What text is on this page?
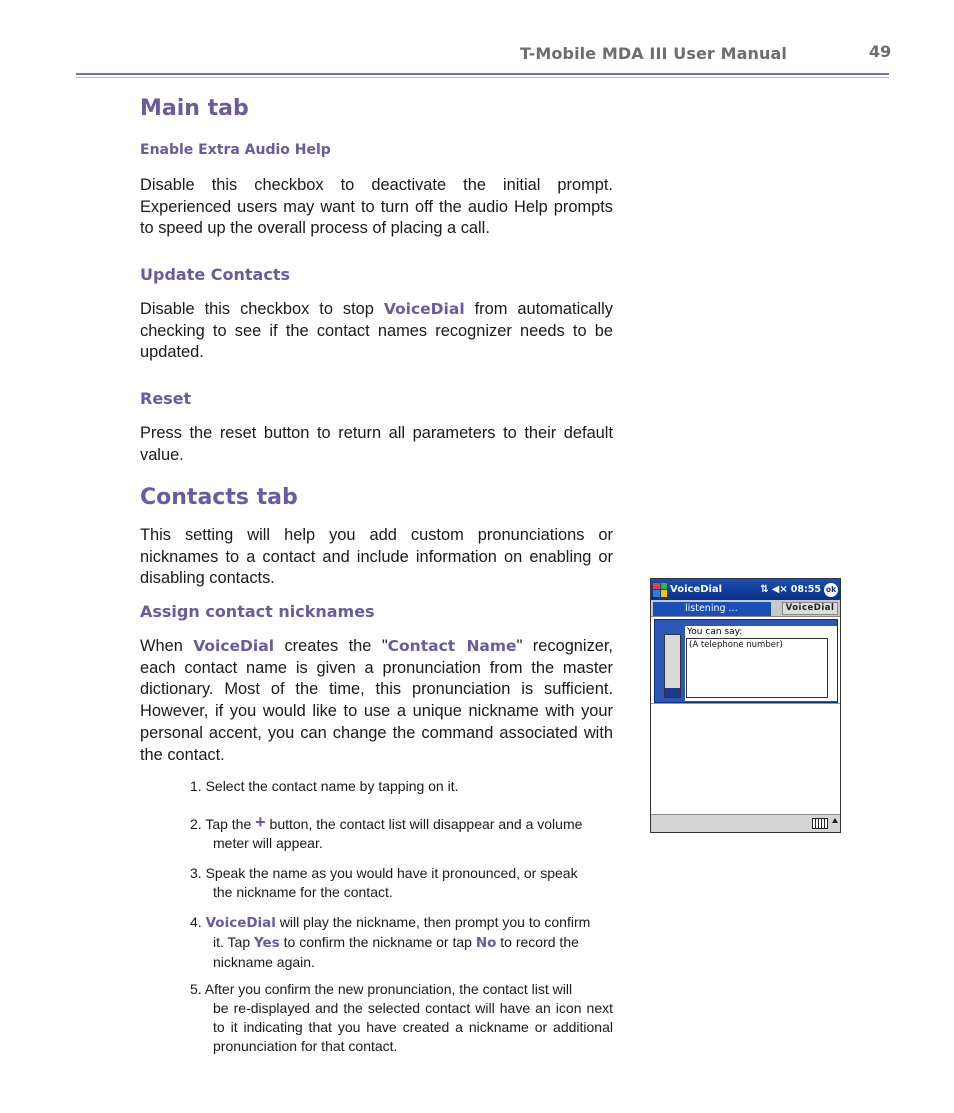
T-Mobile MDA III User Manual	49
Main tab
Enable Extra Audio Help
Disable this checkbox to deactivate the initial prompt. Experienced users may want to turn off the audio Help prompts to speed up the overall process of placing a call.
Update Contacts
Disable this checkbox to stop VoiceDial from automatically checking to see if the contact names recognizer needs to be updated.
Reset
Press the reset button to return all parameters to their default value.
Contacts tab
This setting will help you add custom pronunciations or nicknames to a contact and include information on enabling or disabling contacts.
Assign contact nicknames
When VoiceDial creates the "Contact Name" recognizer, each contact name is given a pronunciation from the master dictionary. Most of the time, this pronunciation is sufficient. However, if you would like to use a unique nickname with your personal accent, you can change the command associated with the contact.
1. Select the contact name by tapping on it.
2. Tap the + button, the contact list will disappear and a volume
meter will appear.
3. Speak the name as you would have it pronounced, or speak
the nickname for the contact.
4. VoiceDial will play the nickname, then prompt you to confirm
it. Tap Yes to confirm the nickname or tap No to record the
nickname again.
5. After you confirm the new pronunciation, the contact list will
be re-displayed and the selected contact will have an icon next to it indicating that you have created a nickname or additional pronunciation for that contact.
VoiceDial	⇅ ◀× 08:55 ok
listening ...	VoiceDial
You can say:
(A telephone number)
